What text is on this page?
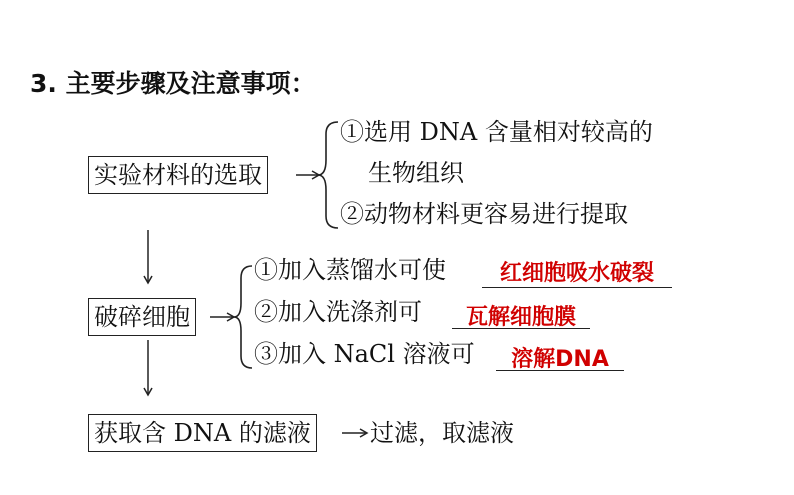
3. 主要步骤及注意事项：
实验材料的选取
①选用 DNA 含量相对较高的
生物组织
②动物材料更容易进行提取
破碎细胞
①加入蒸馏水可使	红细胞吸水破裂
②加入洗涤剂可	瓦解细胞膜
③加入 NaCl 溶液可	溶解DNA
获取含 DNA 的滤液 过滤，取滤液
